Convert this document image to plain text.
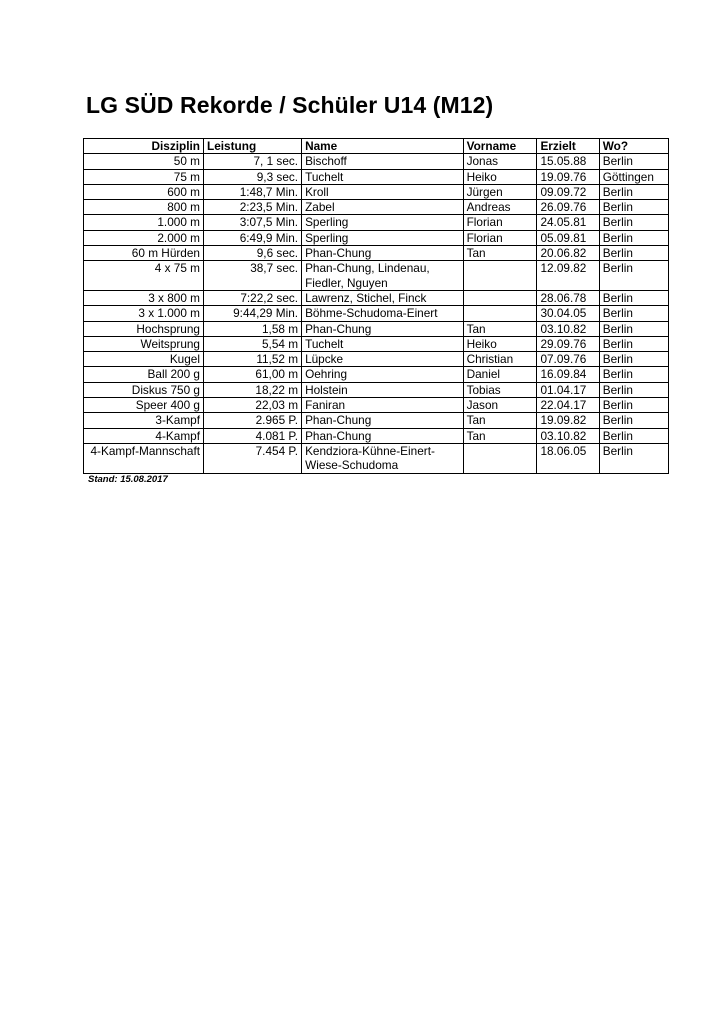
LG SÜD Rekorde / Schüler U14 (M12)
Disziplin	Leistung	Name	Vorname	Erzielt	Wo?
50 m	7, 1 sec.	Bischoff	Jonas	15.05.88	Berlin
75 m	9,3 sec.	Tuchelt	Heiko	19.09.76	Göttingen
600 m	1:48,7 Min.	Kroll	Jürgen	09.09.72	Berlin
800 m	2:23,5 Min.	Zabel	Andreas	26.09.76	Berlin
1.000 m	3:07,5 Min.	Sperling	Florian	24.05.81	Berlin
2.000 m	6:49,9 Min.	Sperling	Florian	05.09.81	Berlin
60 m Hürden	9,6 sec.	Phan-Chung	Tan	20.06.82	Berlin
4 x 75 m	38,7 sec.	Phan-Chung, Lindenau, Fiedler, Nguyen		12.09.82	Berlin
3 x 800 m	7:22,2 sec.	Lawrenz, Stichel, Finck		28.06.78	Berlin
3 x 1.000 m	9:44,29 Min.	Böhme-Schudoma-Einert		30.04.05	Berlin
Hochsprung	1,58 m	Phan-Chung	Tan	03.10.82	Berlin
Weitsprung	5,54 m	Tuchelt	Heiko	29.09.76	Berlin
Kugel	11,52 m	Lüpcke	Christian	07.09.76	Berlin
Ball 200 g	61,00 m	Oehring	Daniel	16.09.84	Berlin
Diskus 750 g	18,22 m	Holstein	Tobias	01.04.17	Berlin
Speer 400 g	22,03 m	Faniran	Jason	22.04.17	Berlin
3-Kampf	2.965 P.	Phan-Chung	Tan	19.09.82	Berlin
4-Kampf	4.081 P.	Phan-Chung	Tan	03.10.82	Berlin
4-Kampf-Mannschaft	7.454 P.	Kendziora-Kühne-Einert-Wiese-Schudoma		18.06.05	Berlin
Stand: 15.08.2017
